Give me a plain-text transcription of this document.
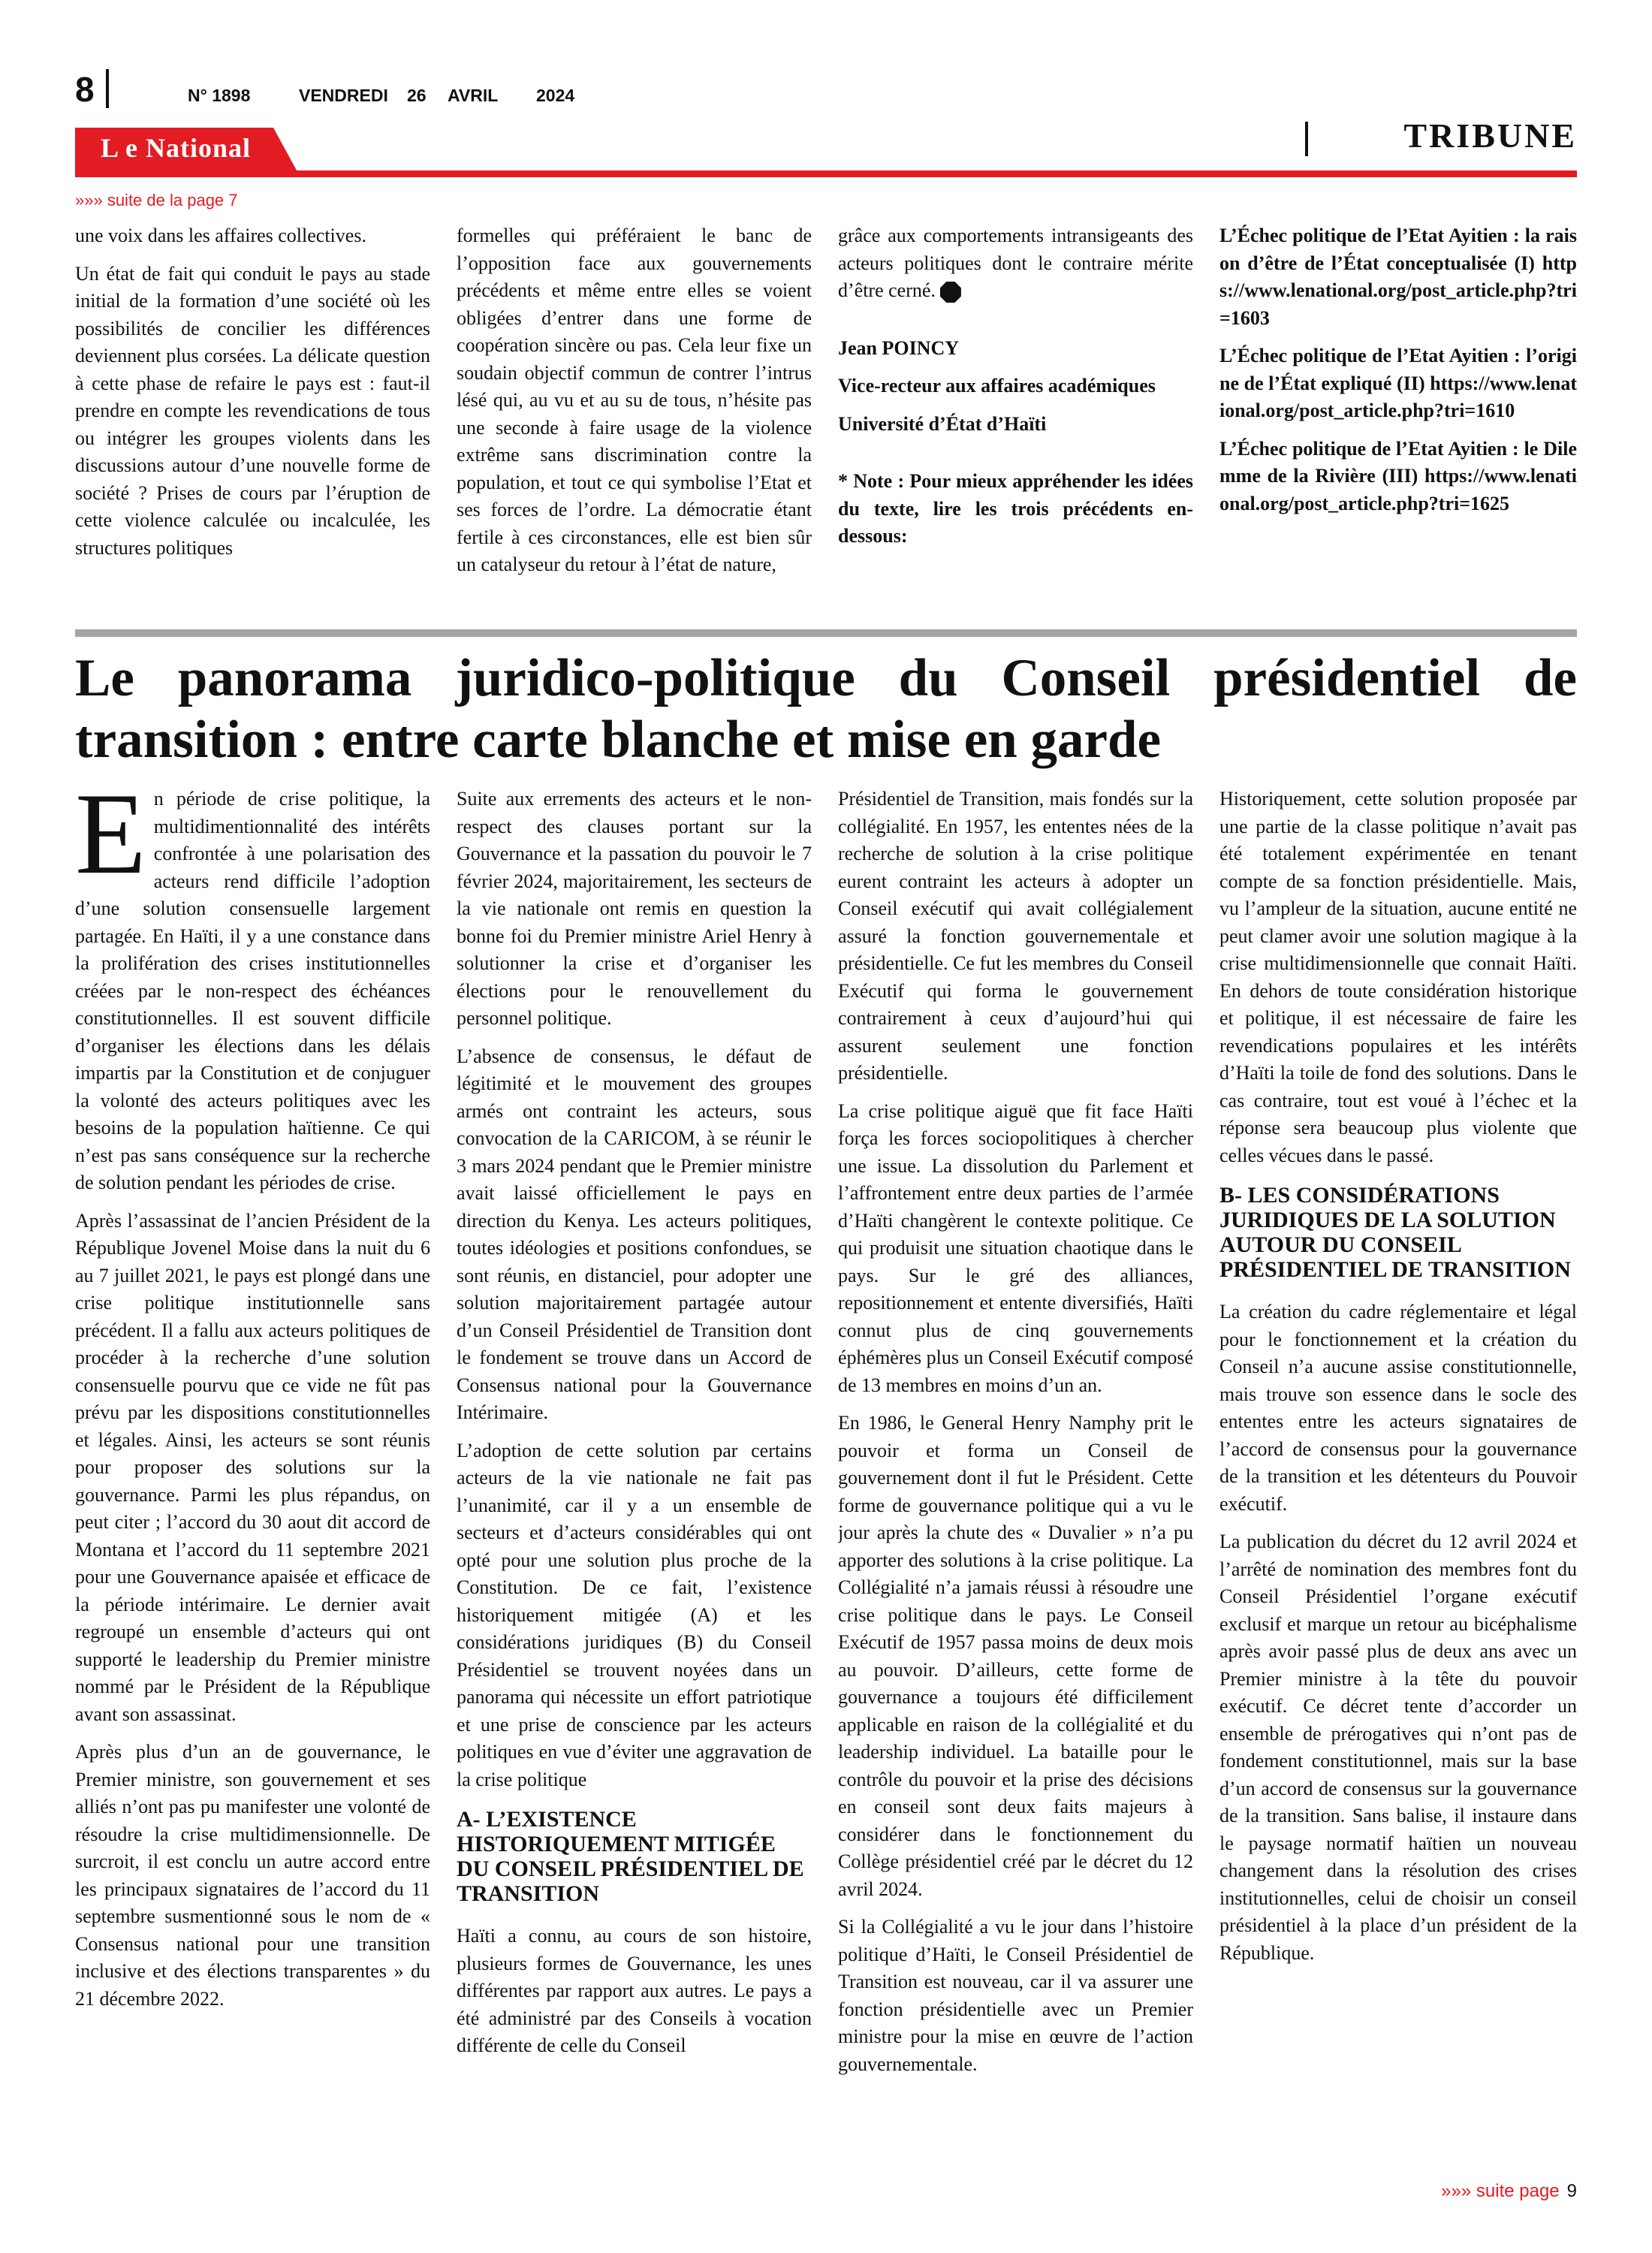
8	N° 1898	VENDREDI 26 AVRIL 2024
L e National	TRIBUNE
»»» suite de la page 7

une voix dans les affaires collectives.

Un état de fait qui conduit le pays au stade initial de la formation d’une société où les possibilités de concilier les différences deviennent plus corsées. La délicate question à cette phase de refaire le pays est : faut-il prendre en compte les revendications de tous ou intégrer les groupes violents dans les discussions autour d’une nouvelle forme de société ? Prises de cours par l’éruption de cette violence calculée ou incalculée, les structures politiques

formelles qui préféraient le banc de l’opposition face aux gouvernements précédents et même entre elles se voient obligées d’entrer dans une forme de coopération sincère ou pas. Cela leur fixe un soudain objectif commun de contrer l’intrus lésé qui, au vu et au su de tous, n’hésite pas une seconde à faire usage de la violence extrême sans discrimination contre la population, et tout ce qui symbolise l’Etat et ses forces de l’ordre. La démocratie étant fertile à ces circonstances, elle est bien sûr un catalyseur du retour à l’état de nature,

grâce aux comportements intransigeants des acteurs politiques dont le contraire mérite d’être cerné.

Jean POINCY

Vice-recteur aux affaires académiques

Université d’État d’Haïti

* Note : Pour mieux appréhender les idées du texte, lire les trois précédents en-dessous:

L’Échec politique de l’Etat Ayitien : la raison d’être de l’État conceptualisée (I) https://www.lenational.org/post_article.php?tri=1603

L’Échec politique de l’Etat Ayitien : l’origine de l’État expliqué (II) https://www.lenational.org/post_article.php?tri=1610

L’Échec politique de l’Etat Ayitien : le Dilemme de la Rivière (III) https://www.lenational.org/post_article.php?tri=1625

Le panorama juridico-politique du Conseil présidentiel de transition : entre carte blanche et mise en garde

En période de crise politique, la multidimentionnalité des intérêts confrontée à une polarisation des acteurs rend difficile l’adoption d’une solution consensuelle largement partagée. En Haïti, il y a une constance dans la prolifération des crises institutionnelles créées par le non-respect des échéances constitutionnelles. Il est souvent difficile d’organiser les élections dans les délais impartis par la Constitution et de conjuguer la volonté des acteurs politiques avec les besoins de la population haïtienne. Ce qui n’est pas sans conséquence sur la recherche de solution pendant les périodes de crise.

Après l’assassinat de l’ancien Président de la République Jovenel Moise dans la nuit du 6 au 7 juillet 2021, le pays est plongé dans une crise politique institutionnelle sans précédent. Il a fallu aux acteurs politiques de procéder à la recherche d’une solution consensuelle pourvu que ce vide ne fût pas prévu par les dispositions constitutionnelles et légales. Ainsi, les acteurs se sont réunis pour proposer des solutions sur la gouvernance. Parmi les plus répandus, on peut citer ; l’accord du 30 aout dit accord de Montana et l’accord du 11 septembre 2021 pour une Gouvernance apaisée et efficace de la période intérimaire. Le dernier avait regroupé un ensemble d’acteurs qui ont supporté le leadership du Premier ministre nommé par le Président de la République avant son assassinat.

Après plus d’un an de gouvernance, le Premier ministre, son gouvernement et ses alliés n’ont pas pu manifester une volonté de résoudre la crise multidimensionnelle. De surcroit, il est conclu un autre accord entre les principaux signataires de l’accord du 11 septembre susmentionné sous le nom de « Consensus national pour une transition inclusive et des élections transparentes » du 21 décembre 2022.

Suite aux errements des acteurs et le non-respect des clauses portant sur la Gouvernance et la passation du pouvoir le 7 février 2024, majoritairement, les secteurs de la vie nationale ont remis en question la bonne foi du Premier ministre Ariel Henry à solutionner la crise et d’organiser les élections pour le renouvellement du personnel politique.

L’absence de consensus, le défaut de légitimité et le mouvement des groupes armés ont contraint les acteurs, sous convocation de la CARICOM, à se réunir le 3 mars 2024 pendant que le Premier ministre avait laissé officiellement le pays en direction du Kenya. Les acteurs politiques, toutes idéologies et positions confondues, se sont réunis, en distanciel, pour adopter une solution majoritairement partagée autour d’un Conseil Présidentiel de Transition dont le fondement se trouve dans un Accord de Consensus national pour la Gouvernance Intérimaire.

L’adoption de cette solution par certains acteurs de la vie nationale ne fait pas l’unanimité, car il y a un ensemble de secteurs et d’acteurs considérables qui ont opté pour une solution plus proche de la Constitution. De ce fait, l’existence historiquement mitigée (A) et les considérations juridiques (B) du Conseil Présidentiel se trouvent noyées dans un panorama qui nécessite un effort patriotique et une prise de conscience par les acteurs politiques en vue d’éviter une aggravation de la crise politique

A- L’EXISTENCE HISTORIQUEMENT MITIGÉE DU CONSEIL PRÉSIDENTIEL DE TRANSITION

Haïti a connu, au cours de son histoire, plusieurs formes de Gouvernance, les unes différentes par rapport aux autres. Le pays a été administré par des Conseils à vocation différente de celle du Conseil

Présidentiel de Transition, mais fondés sur la collégialité. En 1957, les ententes nées de la recherche de solution à la crise politique eurent contraint les acteurs à adopter un Conseil exécutif qui avait collégialement assuré la fonction gouvernementale et présidentielle. Ce fut les membres du Conseil Exécutif qui forma le gouvernement contrairement à ceux d’aujourd’hui qui assurent seulement une fonction présidentielle.

La crise politique aiguë que fit face Haïti força les forces sociopolitiques à chercher une issue. La dissolution du Parlement et l’affrontement entre deux parties de l’armée d’Haïti changèrent le contexte politique. Ce qui produisit une situation chaotique dans le pays. Sur le gré des alliances, repositionnement et entente diversifiés, Haïti connut plus de cinq gouvernements éphémères plus un Conseil Exécutif composé de 13 membres en moins d’un an.

En 1986, le General Henry Namphy prit le pouvoir et forma un Conseil de gouvernement dont il fut le Président. Cette forme de gouvernance politique qui a vu le jour après la chute des « Duvalier » n’a pu apporter des solutions à la crise politique. La Collégialité n’a jamais réussi à résoudre une crise politique dans le pays. Le Conseil Exécutif de 1957 passa moins de deux mois au pouvoir. D’ailleurs, cette forme de gouvernance a toujours été difficilement applicable en raison de la collégialité et du leadership individuel. La bataille pour le contrôle du pouvoir et la prise des décisions en conseil sont deux faits majeurs à considérer dans le fonctionnement du Collège présidentiel créé par le décret du 12 avril 2024.

Si la Collégialité a vu le jour dans l’histoire politique d’Haïti, le Conseil Présidentiel de Transition est nouveau, car il va assurer une fonction présidentielle avec un Premier ministre pour la mise en œuvre de l’action gouvernementale.

Historiquement, cette solution proposée par une partie de la classe politique n’avait pas été totalement expérimentée en tenant compte de sa fonction présidentielle. Mais, vu l’ampleur de la situation, aucune entité ne peut clamer avoir une solution magique à la crise multidimensionnelle que connait Haïti. En dehors de toute considération historique et politique, il est nécessaire de faire les revendications populaires et les intérêts d’Haïti la toile de fond des solutions. Dans le cas contraire, tout est voué à l’échec et la réponse sera beaucoup plus violente que celles vécues dans le passé.

B- LES CONSIDÉRATIONS JURIDIQUES DE LA SOLUTION AUTOUR DU CONSEIL PRÉSIDENTIEL DE TRANSITION

La création du cadre réglementaire et légal pour le fonctionnement et la création du Conseil n’a aucune assise constitutionnelle, mais trouve son essence dans le socle des ententes entre les acteurs signataires de l’accord de consensus pour la gouvernance de la transition et les détenteurs du Pouvoir exécutif.

La publication du décret du 12 avril 2024 et l’arrêté de nomination des membres font du Conseil Présidentiel l’organe exécutif exclusif et marque un retour au bicéphalisme après avoir passé plus de deux ans avec un Premier ministre à la tête du pouvoir exécutif. Ce décret tente d’accorder un ensemble de prérogatives qui n’ont pas de fondement constitutionnel, mais sur la base d’un accord de consensus sur la gouvernance de la transition. Sans balise, il instaure dans le paysage normatif haïtien un nouveau changement dans la résolution des crises institutionnelles, celui de choisir un conseil présidentiel à la place d’un président de la République.

»»» suite page 9
